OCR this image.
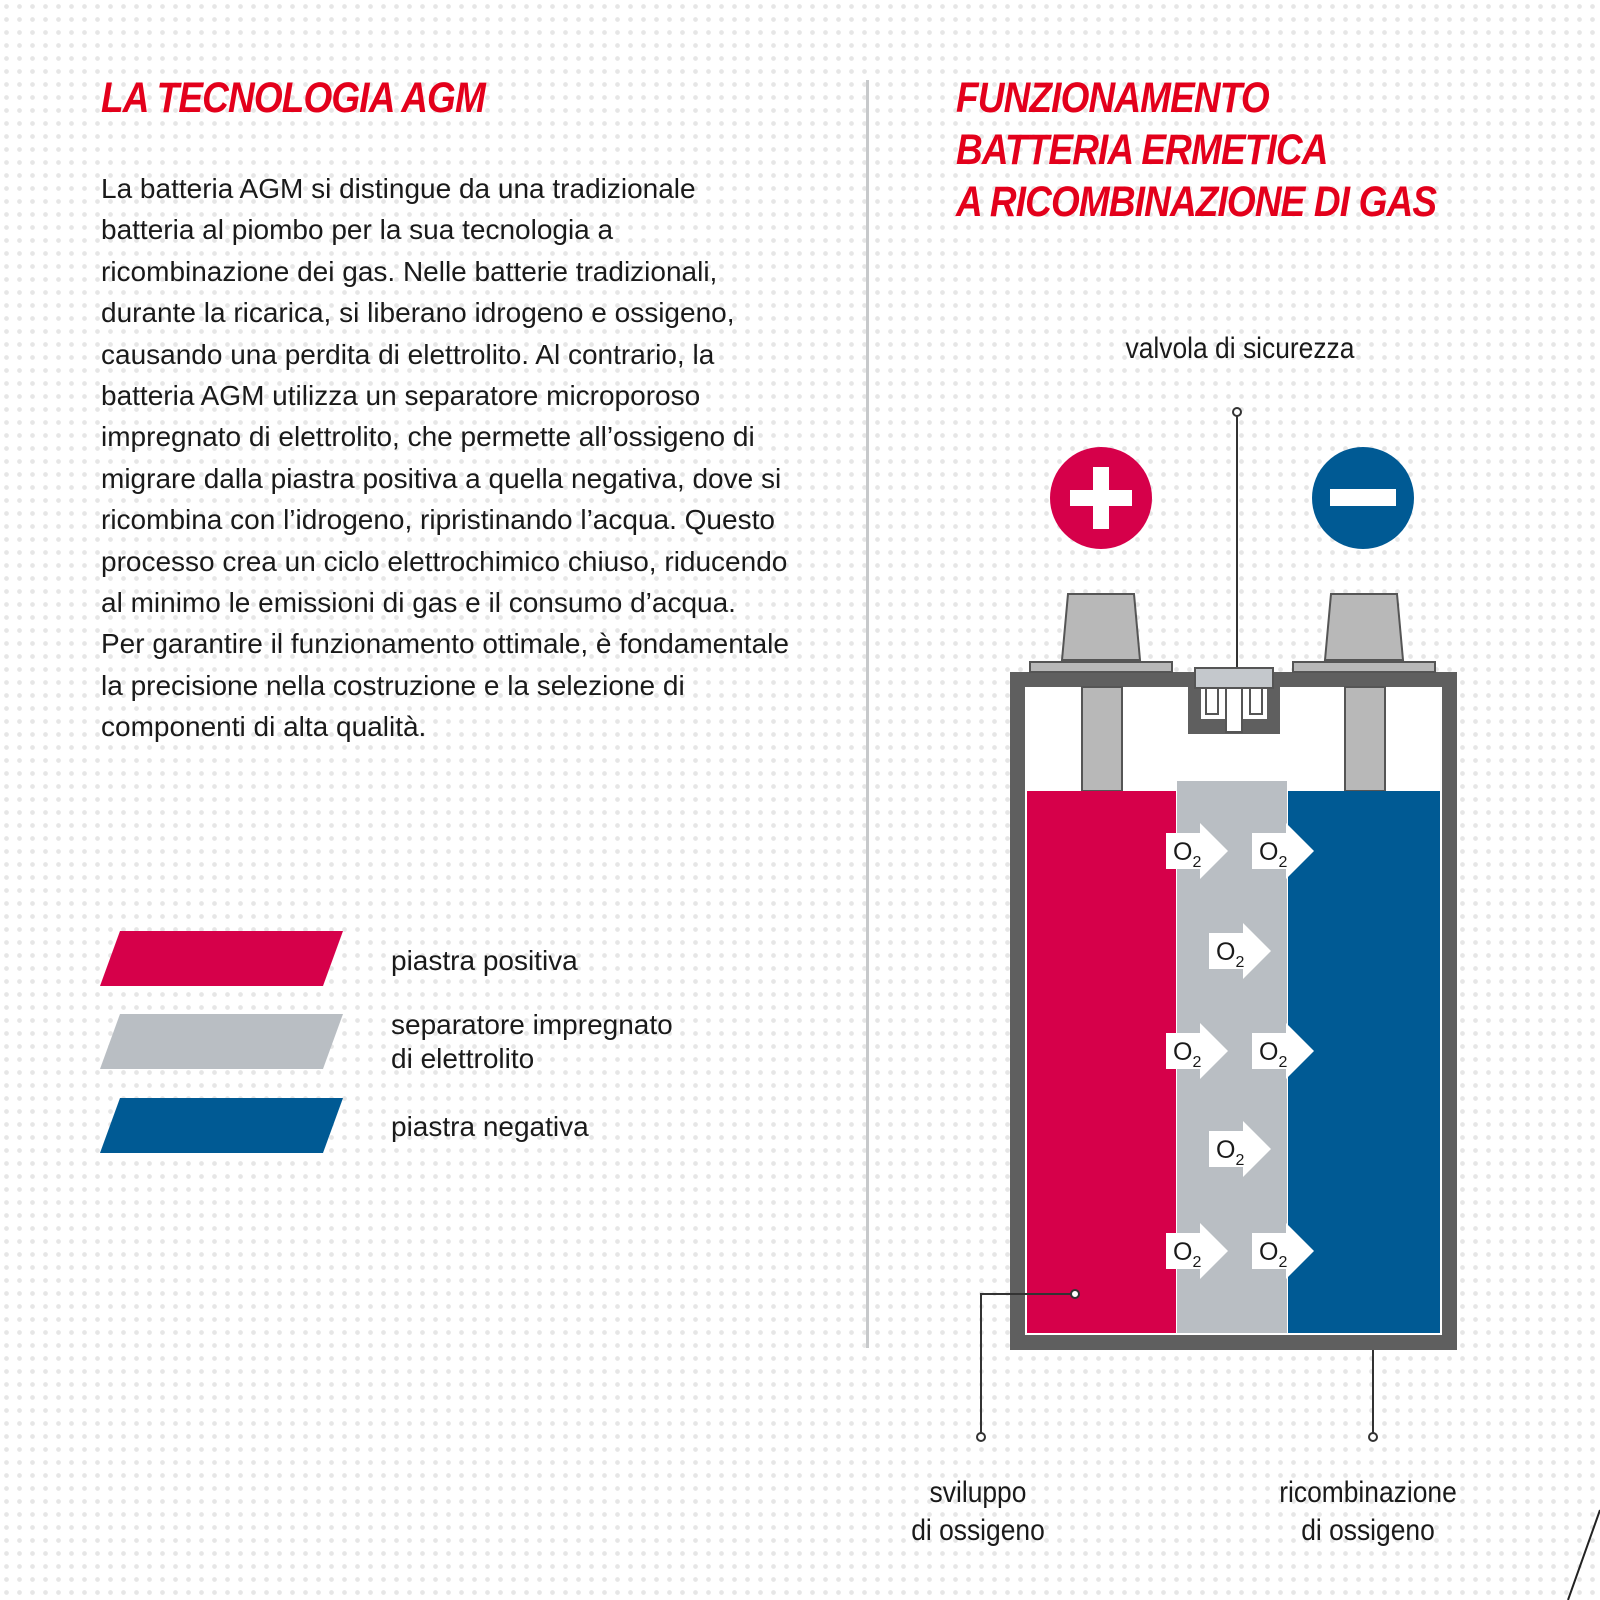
LA TECNOLOGIA AGM

La batteria AGM si distingue da una tradizionale batteria al piombo per la sua tecnologia a ricombinazione dei gas. Nelle batterie tradizionali, durante la ricarica, si liberano idrogeno e ossigeno, causando una perdita di elettrolito. Al contrario, la batteria AGM utilizza un separatore microporoso impregnato di elettrolito, che permette all’ossigeno di migrare dalla piastra positiva a quella negativa, dove si ricombina con l’idrogeno, ripristinando l’acqua. Questo processo crea un ciclo elettrochimico chiuso, riducendo al minimo le emissioni di gas e il consumo d’acqua.

Per garantire il funzionamento ottimale, è fondamentale la precisione nella costruzione e la selezione di componenti di alta qualità.

FUNZIONAMENTO
BATTERIA ERMETICA
A RICOMBINAZIONE DI GAS
piastra positiva
separatore impregnato
di elettrolito
piastra negativa
valvola di sicurezza
sviluppo
di ossigeno
ricombinazione
di ossigeno
$O_2$ $O_2$
$O_2$
$O_2$ $O_2$
$O_2$
$O_2$ $O_2$
